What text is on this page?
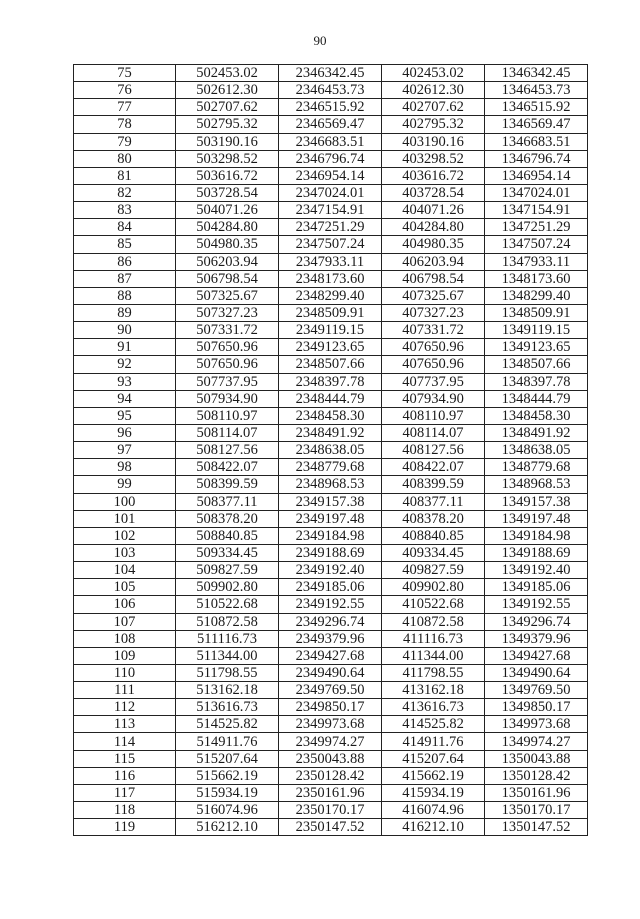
90
75	502453.02	2346342.45	402453.02	1346342.45
76	502612.30	2346453.73	402612.30	1346453.73
77	502707.62	2346515.92	402707.62	1346515.92
78	502795.32	2346569.47	402795.32	1346569.47
79	503190.16	2346683.51	403190.16	1346683.51
80	503298.52	2346796.74	403298.52	1346796.74
81	503616.72	2346954.14	403616.72	1346954.14
82	503728.54	2347024.01	403728.54	1347024.01
83	504071.26	2347154.91	404071.26	1347154.91
84	504284.80	2347251.29	404284.80	1347251.29
85	504980.35	2347507.24	404980.35	1347507.24
86	506203.94	2347933.11	406203.94	1347933.11
87	506798.54	2348173.60	406798.54	1348173.60
88	507325.67	2348299.40	407325.67	1348299.40
89	507327.23	2348509.91	407327.23	1348509.91
90	507331.72	2349119.15	407331.72	1349119.15
91	507650.96	2349123.65	407650.96	1349123.65
92	507650.96	2348507.66	407650.96	1348507.66
93	507737.95	2348397.78	407737.95	1348397.78
94	507934.90	2348444.79	407934.90	1348444.79
95	508110.97	2348458.30	408110.97	1348458.30
96	508114.07	2348491.92	408114.07	1348491.92
97	508127.56	2348638.05	408127.56	1348638.05
98	508422.07	2348779.68	408422.07	1348779.68
99	508399.59	2348968.53	408399.59	1348968.53
100	508377.11	2349157.38	408377.11	1349157.38
101	508378.20	2349197.48	408378.20	1349197.48
102	508840.85	2349184.98	408840.85	1349184.98
103	509334.45	2349188.69	409334.45	1349188.69
104	509827.59	2349192.40	409827.59	1349192.40
105	509902.80	2349185.06	409902.80	1349185.06
106	510522.68	2349192.55	410522.68	1349192.55
107	510872.58	2349296.74	410872.58	1349296.74
108	511116.73	2349379.96	411116.73	1349379.96
109	511344.00	2349427.68	411344.00	1349427.68
110	511798.55	2349490.64	411798.55	1349490.64
111	513162.18	2349769.50	413162.18	1349769.50
112	513616.73	2349850.17	413616.73	1349850.17
113	514525.82	2349973.68	414525.82	1349973.68
114	514911.76	2349974.27	414911.76	1349974.27
115	515207.64	2350043.88	415207.64	1350043.88
116	515662.19	2350128.42	415662.19	1350128.42
117	515934.19	2350161.96	415934.19	1350161.96
118	516074.96	2350170.17	416074.96	1350170.17
119	516212.10	2350147.52	416212.10	1350147.52
